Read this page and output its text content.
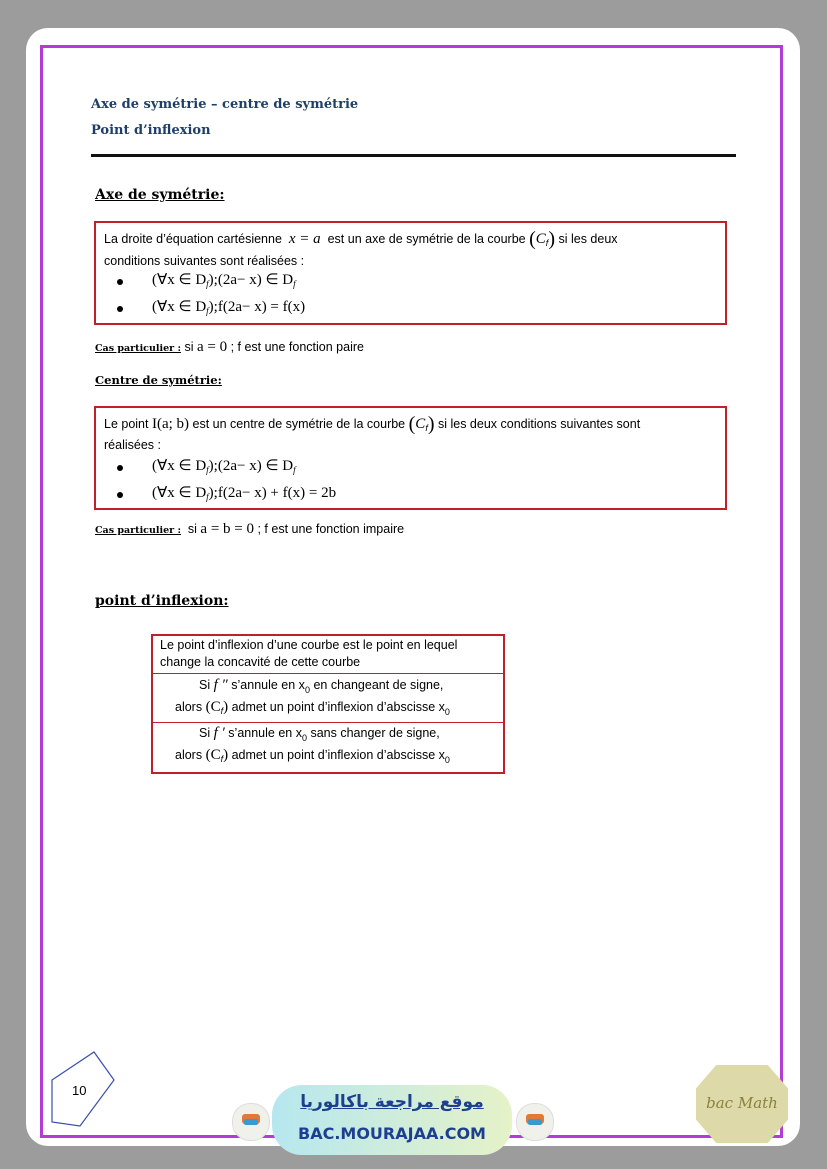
Axe de symétrie – centre de symétrie
Point d’inflexion
Axe de symétrie:
La droite d’équation cartésienne x = a est un axe de symétrie de la courbe $(C_f)$ si les deux
conditions suivantes sont réalisées :
(∀x ∈ $D_f);(2a- x)$ ∈ $D_f$
(∀x ∈ $D_f);f(2a- x) = f(x)$
Cas particulier : si a = 0 ; f est une fonction paire
Centre de symétrie:
Le point I(a; b) est un centre de symétrie de la courbe $(C_f)$ si les deux conditions suivantes sont
réalisées :
(∀x ∈ $D_f);(2a- x)$ ∈ $D_f$
(∀x ∈ $D_f);f(2a- x) + f(x) = 2b$
Cas particulier : si a = b = 0 ; f est une fonction impaire
point d’inflexion:
Le point d’inflexion d’une courbe est le point en lequel
change la concavité de cette courbe
Si f ″ s’annule en $x_0$ en changeant de signe,
alors $(C_f)$ admet un point d’inflexion d’abscisse $x_0$
Si f ′ s’annule en $x_0$ sans changer de signe,
alors $(C_f)$ admet un point d’inflexion d’abscisse $x_0$
10
موقع مراجعة باكالوريا
BAC.MOURAJAA.COM
bac Math
